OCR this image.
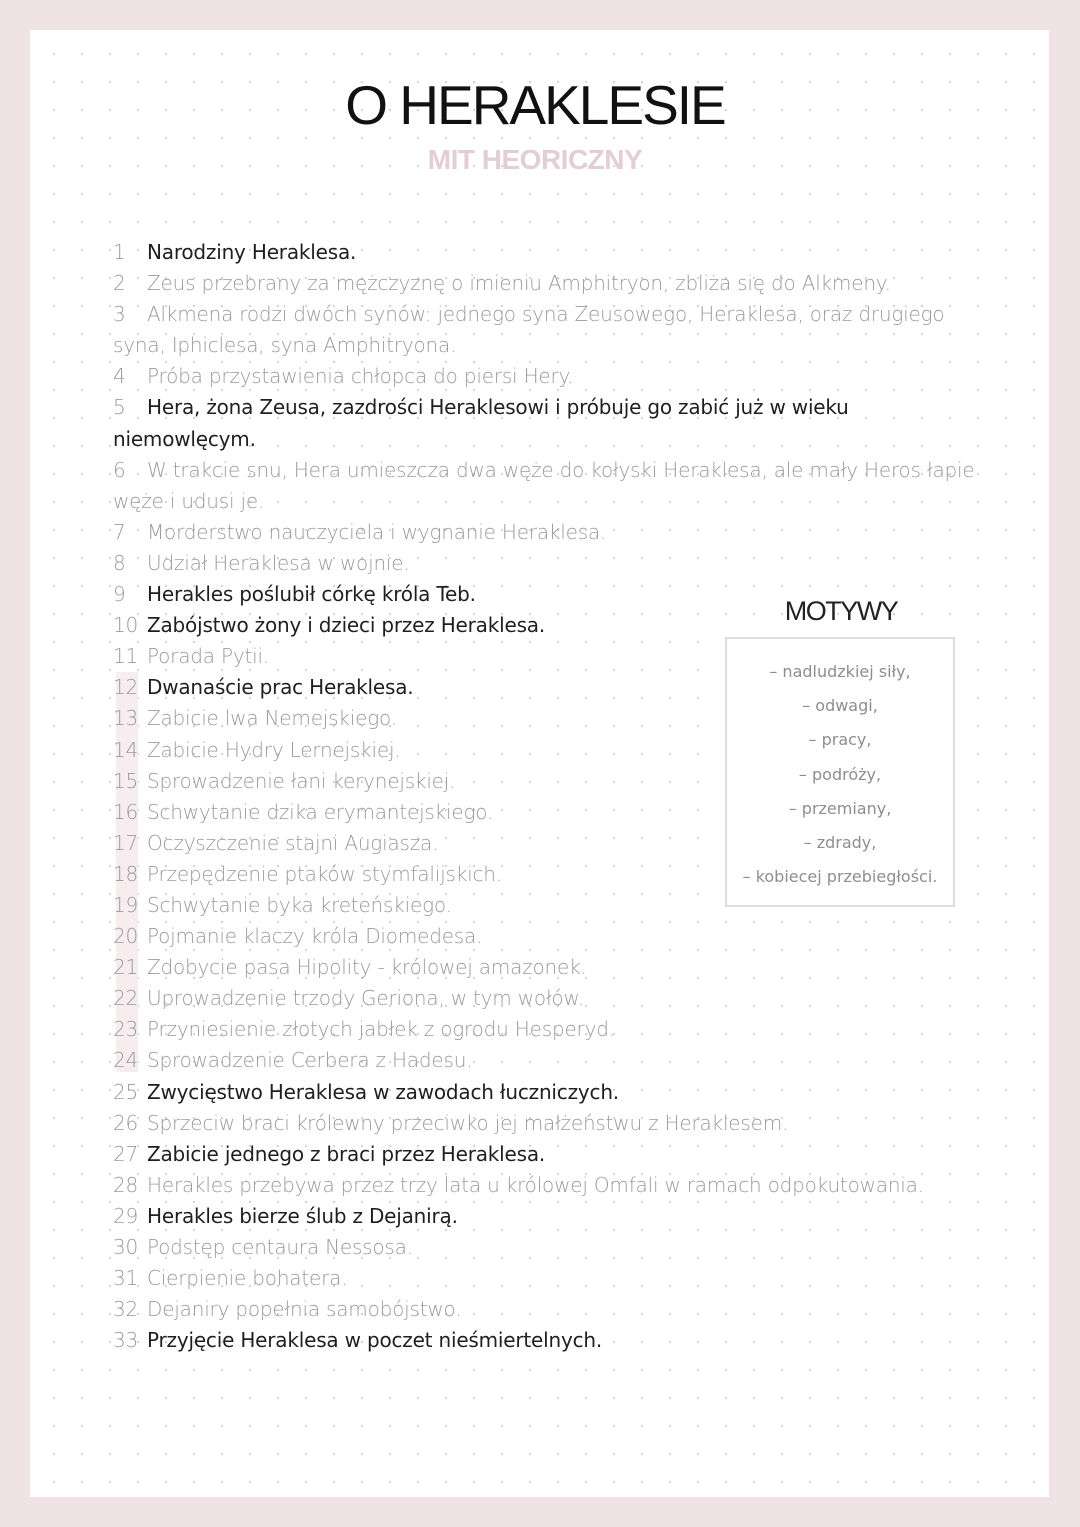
O HERAKLESIE
MIT HEORICZNY
1 Narodziny Heraklesa.
2 Zeus przebrany za mężczyznę o imieniu Amphitryon, zbliża się do Alkmeny.
3 Alkmena rodzi dwóch synów: jednego syna Zeusowego, Heraklesa, oraz drugiego syna, Iphiclesa, syna Amphitryona.
4 Próba przystawienia chłopca do piersi Hery.
5 Hera, żona Zeusa, zazdrości Heraklesowi i próbuje go zabić już w wieku niemowlęcym.
6 W trakcie snu, Hera umieszcza dwa węże do kołyski Heraklesa, ale mały Heros łapie węże i udusi je.
7 Morderstwo nauczyciela i wygnanie Heraklesa.
8 Udział Heraklesa w wojnie.
9 Herakles poślubił córkę króla Teb.
10 Zabójstwo żony i dzieci przez Heraklesa.
11 Porada Pytii.
12 Dwanaście prac Heraklesa.
13 Zabicie lwa Nemejskiego.
14 Zabicie Hydry Lernejskiej.
15 Sprowadzenie łani kerynejskiej.
16 Schwytanie dzika erymantejskiego.
17 Oczyszczenie stajni Augiasza.
18 Przepędzenie ptaków stymfalijskich.
19 Schwytanie byka kreteńskiego.
20 Pojmanie klaczy króla Diomedesa.
21 Zdobycie pasa Hipolity - królowej amazonek.
22 Uprowadzenie trzody Geriona, w tym wołów.
23 Przyniesienie złotych jabłek z ogrodu Hesperyd.
24 Sprowadzenie Cerbera z Hadesu.
25 Zwycięstwo Heraklesa w zawodach łuczniczych.
26 Sprzeciw braci królewny przeciwko jej małżeństwu z Heraklesem.
27 Zabicie jednego z braci przez Heraklesa.
28 Herakles przebywa przez trzy lata u królowej Omfali w ramach odpokutowania.
29 Herakles bierze ślub z Dejanirą.
30 Podstęp centaura Nessosa.
31 Cierpienie bohatera.
32 Dejaniry popełnia samobójstwo.
33 Przyjęcie Heraklesa w poczet nieśmiertelnych.
MOTYWY
– nadludzkiej siły,
– odwagi,
– pracy,
– podróży,
– przemiany,
– zdrady,
– kobiecej przebiegłości.
